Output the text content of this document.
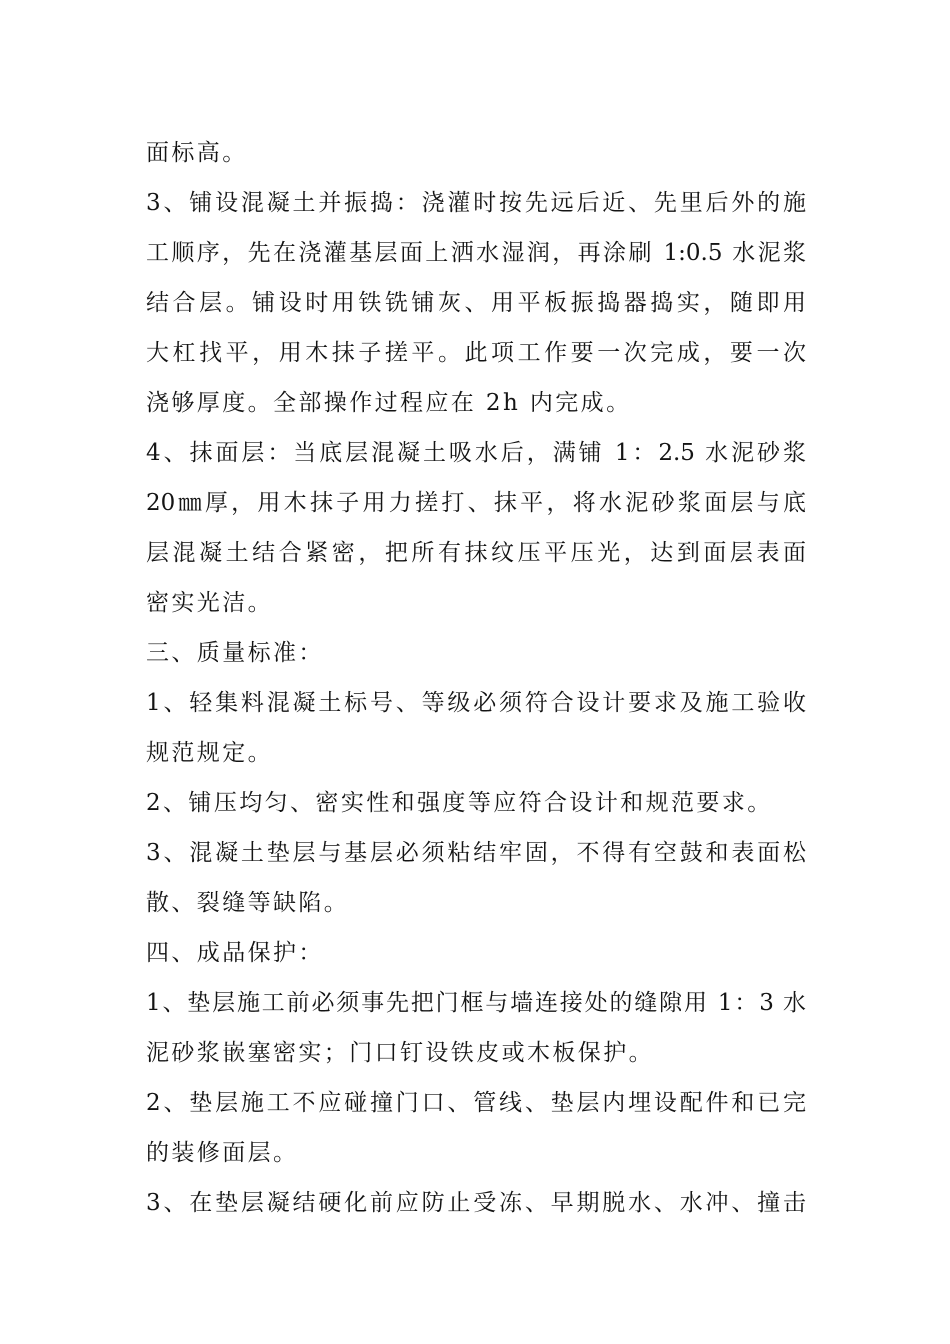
面标高。

3、铺设混凝土并振捣：浇灌时按先远后近、先里后外的施

工顺序，先在浇灌基层面上洒水湿润，再涂刷 1:0.5 水泥浆

结合层。铺设时用铁铣铺灰、用平板振捣器捣实，随即用

大杠找平，用木抹子搓平。此项工作要一次完成，要一次

浇够厚度。全部操作过程应在 2h 内完成。

4、抹面层：当底层混凝土吸水后，满铺 1：2.5 水泥砂浆

20㎜厚，用木抹子用力搓打、抹平，将水泥砂浆面层与底

层混凝土结合紧密，把所有抹纹压平压光，达到面层表面

密实光洁。

三、质量标准：

1、轻集料混凝土标号、等级必须符合设计要求及施工验收

规范规定。

2、铺压均匀、密实性和强度等应符合设计和规范要求。

3、混凝土垫层与基层必须粘结牢固，不得有空鼓和表面松

散、裂缝等缺陷。

四、成品保护：

1、垫层施工前必须事先把门框与墙连接处的缝隙用 1：3 水

泥砂浆嵌塞密实；门口钉设铁皮或木板保护。

2、垫层施工不应碰撞门口、管线、垫层内埋设配件和已完

的装修面层。

3、在垫层凝结硬化前应防止受冻、早期脱水、水冲、撞击
